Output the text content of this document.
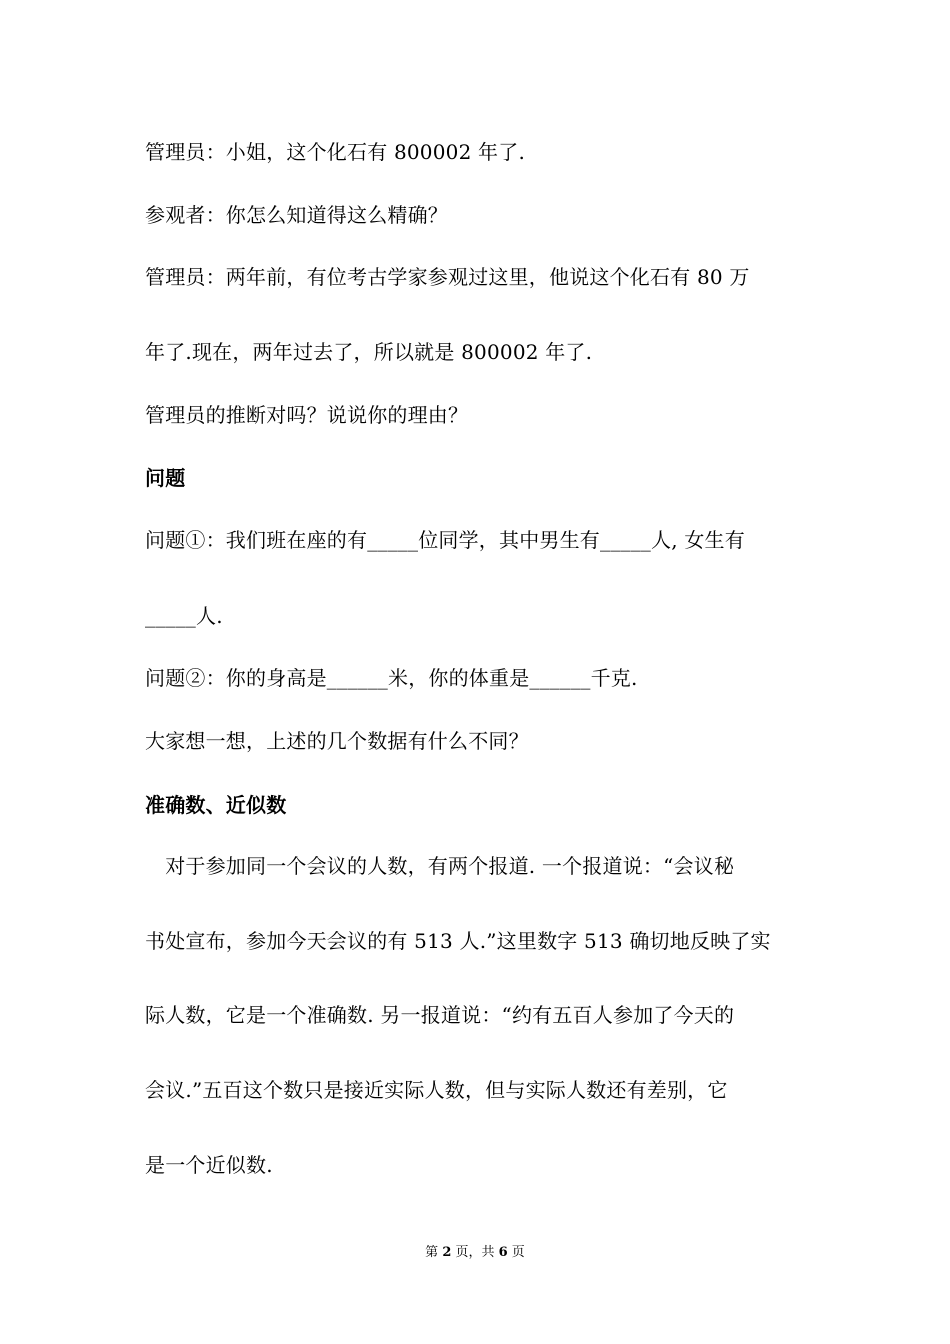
管理员：小姐，这个化石有 800002 年了.
参观者：你怎么知道得这么精确？
管理员：两年前，有位考古学家参观过这里，他说这个化石有 80 万
年了.现在，两年过去了，所以就是 800002 年了.
管理员的推断对吗？说说你的理由？
问题
问题①：我们班在座的有_____位同学，其中男生有_____人, 女生有
_____人.
问题②：你的身高是______米，你的体重是______千克.
大家想一想，上述的几个数据有什么不同？
准确数、近似数
　对于参加同一个会议的人数，有两个报道. 一个报道说：“会议秘
书处宣布，参加今天会议的有 513 人.”这里数字 513 确切地反映了实
际人数，它是一个准确数. 另一报道说：“约有五百人参加了今天的
会议.”五百这个数只是接近实际人数，但与实际人数还有差别，它
是一个近似数.
第 2 页，共 6 页
